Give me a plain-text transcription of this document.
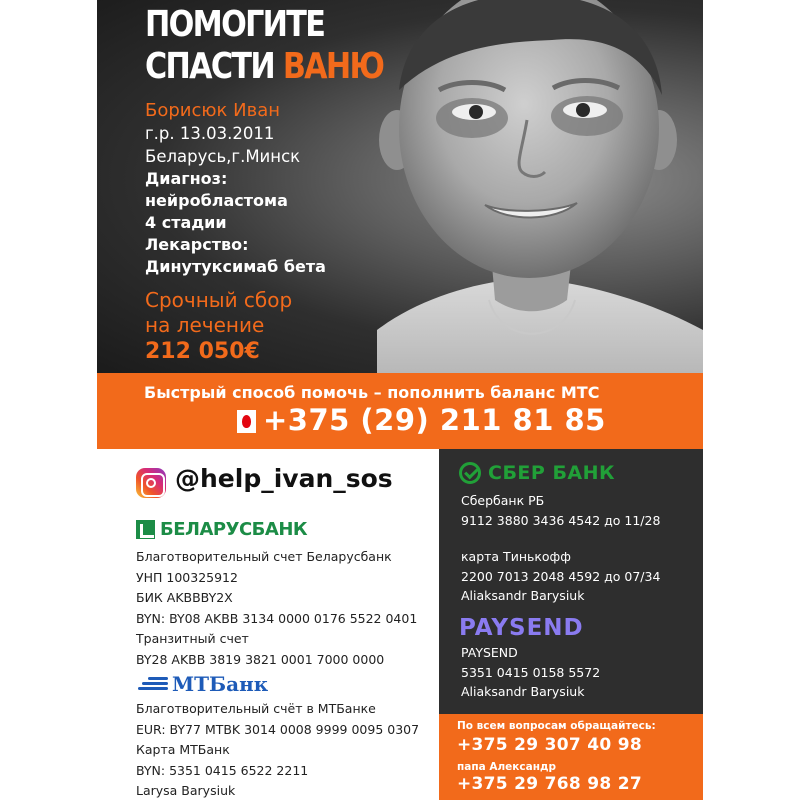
ПОМОГИТЕ
СПАСТИ ВАНЮ
Борисюк Иван
г.р. 13.03.2011
Беларусь,г.Минск
Диагноз:
нейробластома
4 стадии
Лекарство:
Динутуксимаб бета
Срочный сбор
на лечение
212 050€
Быстрый способ помочь – пополнить баланс МТС
+375 (29) 211 81 85
@help_ivan_sos
БЕЛАРУСБАНК
Благотворительный счет Беларусбанк
УНП 100325912
БИК AKBBBY2X
BYN: BY08 AKBB 3134 0000 0176 5522 0401
Транзитный счет
BY28 AKBB 3819 3821 0001 7000 0000
МТБанк
Благотворительный счёт в МТБанке
EUR: BY77 MTBK 3014 0008 9999 0095 0307
Карта МТБанк
BYN: 5351 0415 6522 2211
Larysa Barysiuk
СБЕР БАНК
Сбербанк РБ
9112 3880 3436 4542 до 11/28
карта Тинькофф
2200 7013 2048 4592 до 07/34
Aliaksandr Barysiuk
PAYSEND
PAYSEND
5351 0415 0158 5572
Aliaksandr Barysiuk
По всем вопросам обращайтесь:
+375 29 307 40 98
папа Александр
+375 29 768 98 27
